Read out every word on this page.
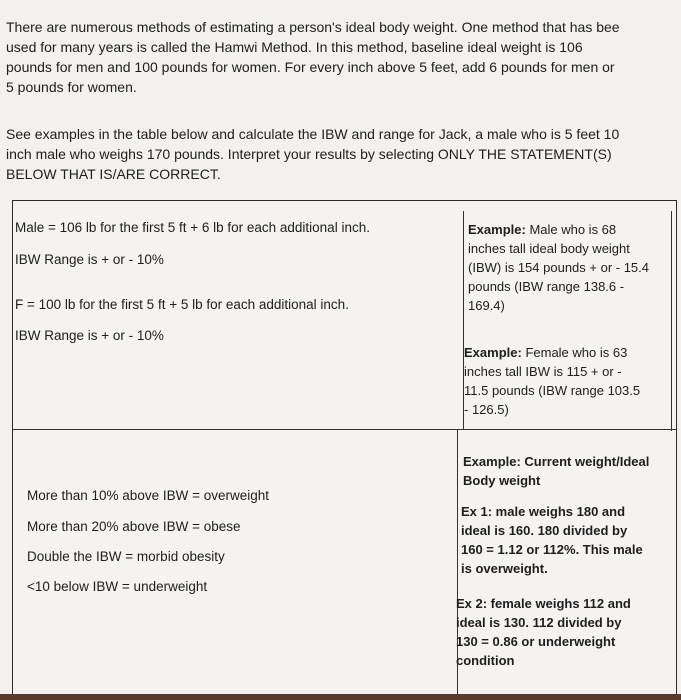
There are numerous methods of estimating a person's ideal body weight. One method that has bee
used for many years is called the Hamwi Method. In this method, baseline ideal weight is 106
pounds for men and 100 pounds for women. For every inch above 5 feet, add 6 pounds for men or
5 pounds for women.
See examples in the table below and calculate the IBW and range for Jack, a male who is 5 feet 10
inch male who weighs 170 pounds. Interpret your results by selecting ONLY THE STATEMENT(S)
BELOW THAT IS/ARE CORRECT.
Male = 106 lb for the first 5 ft + 6 lb for each additional inch.
IBW Range is + or - 10%
F = 100 lb for the first 5 ft + 5 lb for each additional inch.
IBW Range is + or - 10%
Example: Male who is 68
inches tall ideal body weight
(IBW) is 154 pounds + or - 15.4
pounds (IBW range 138.6 -
169.4)
Example: Female who is 63
inches tall IBW is 115 + or -
11.5 pounds (IBW range 103.5
- 126.5)
More than 10% above IBW = overweight
More than 20% above IBW = obese
Double the IBW = morbid obesity
<10 below IBW = underweight
Example: Current weight/Ideal
Body weight
Ex 1: male weighs 180 and
ideal is 160. 180 divided by
160 = 1.12 or 112%. This male
is overweight.
Ex 2: female weighs 112 and
ideal is 130. 112 divided by
130 = 0.86 or underweight
condition
